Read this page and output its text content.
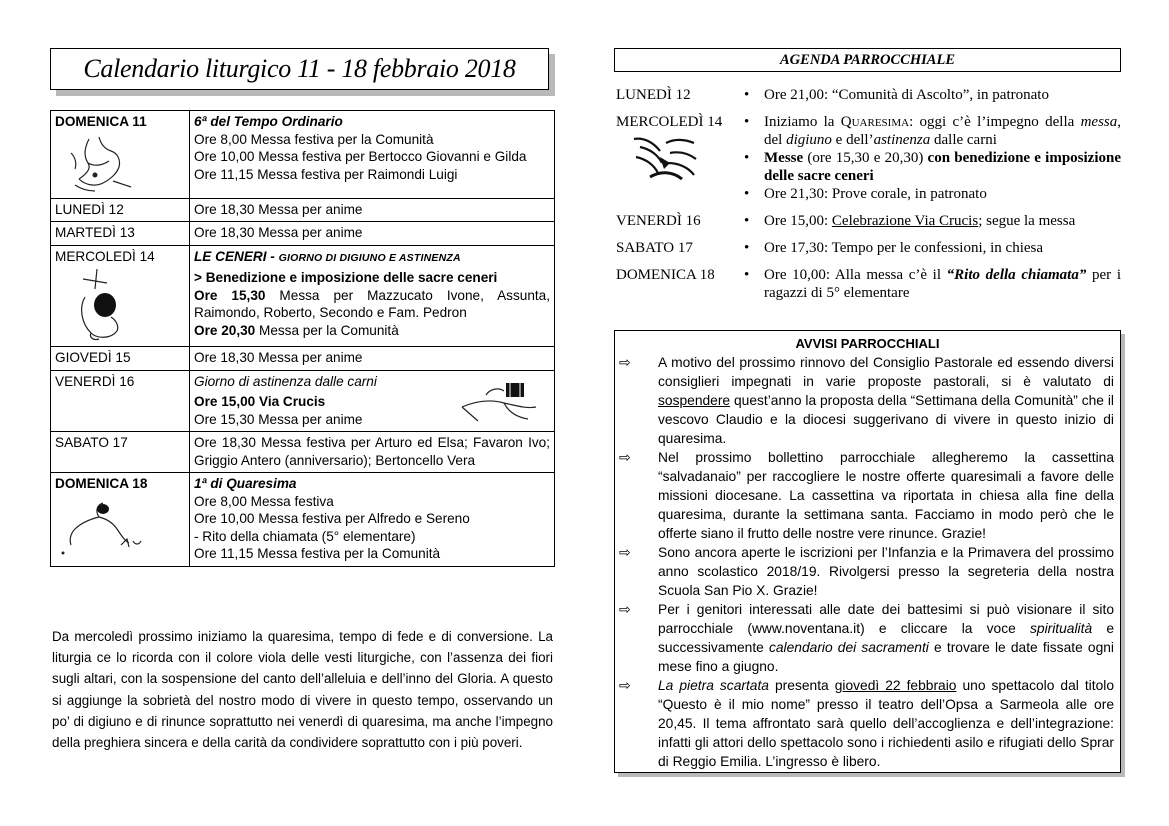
Calendario liturgico 11 - 18 febbraio 2018
DOMENICA 11	6ª del Tempo Ordinario
Ore 8,00 Messa festiva per la Comunità
Ore 10,00 Messa festiva per Bertocco Giovanni e Gilda
Ore 11,15 Messa festiva per Raimondi Luigi

LUNEDÌ 12	Ore 18,30 Messa per anime
MARTEDÌ 13	Ore 18,30 Messa per anime

MERCOLEDÌ 14	LE CENERI - GIORNO DI DIGIUNO E ASTINENZA
> Benedizione e imposizione delle sacre ceneri
Ore 15,30 Messa per Mazzucato Ivone, Assunta, Raimondo, Roberto, Secondo e Fam. Pedron
Ore 20,30 Messa per la Comunità

GIOVEDÌ 15	Ore 18,30 Messa per anime
VENERDÌ 16	Giorno di astinenza dalle carni
Ore 15,00 Via Crucis
Ore 15,30 Messa per anime

SABATO 17	Ore 18,30 Messa festiva per Arturo ed Elsa; Favaron Ivo; Griggio Antero (anniversario); Bertoncello Vera

DOMENICA 18	1ª di Quaresima
Ore 8,00 Messa festiva
Ore 10,00 Messa festiva per Alfredo e Sereno
- Rito della chiamata (5° elementare)
Ore 11,15 Messa festiva per la Comunità
Da mercoledì prossimo iniziamo la quaresima, tempo di fede e di conversione. La liturgia ce lo ricorda con il colore viola delle vesti liturgiche, con l’assenza dei fiori sugli altari, con la sospensione del canto dell’alleluia e dell’inno del Gloria. A questo si aggiunge la sobrietà del nostro modo di vivere in questo tempo, osservando un po’ di digiuno e di rinunce soprattutto nei venerdì di quaresima, ma anche l’impegno della preghiera sincera e della carità da condividere soprattutto con i più poveri.
AGENDA PARROCCHIALE
LUNEDÌ 12	• Ore 21,00: “Comunità di Ascolto”, in patronato
MERCOLEDÌ 14	• Iniziamo la Quaresima: oggi c’è l’impegno della messa, del digiuno e dell’astinenza dalle carni
• Messe (ore 15,30 e 20,30) con benedizione e imposizione delle sacre ceneri
• Ore 21,30: Prove corale, in patronato
VENERDÌ 16	• Ore 15,00: Celebrazione Via Crucis; segue la messa
SABATO 17	• Ore 17,30: Tempo per le confessioni, in chiesa
DOMENICA 18	• Ore 10,00: Alla messa c’è il “Rito della chiamata” per i ragazzi di 5° elementare
AVVISI PARROCCHIALI
⇨ A motivo del prossimo rinnovo del Consiglio Pastorale ed essendo diversi consiglieri impegnati in varie proposte pastorali, si è valutato di sospendere quest’anno la proposta della “Settimana della Comunità” che il vescovo Claudio e la diocesi suggerivano di vivere in questo inizio di quaresima.
⇨ Nel prossimo bollettino parrocchiale allegheremo la cassettina “salvadanaio” per raccogliere le nostre offerte quaresimali a favore delle missioni diocesane. La cassettina va riportata in chiesa alla fine della quaresima, durante la settimana santa. Facciamo in modo però che le offerte siano il frutto delle nostre vere rinunce. Grazie!
⇨ Sono ancora aperte le iscrizioni per l’Infanzia e la Primavera del prossimo anno scolastico 2018/19. Rivolgersi presso la segreteria della nostra Scuola San Pio X. Grazie!
⇨ Per i genitori interessati alle date dei battesimi si può visionare il sito parrocchiale (www.noventana.it) e cliccare la voce spiritualità e successivamente calendario dei sacramenti e trovare le date fissate ogni mese fino a giugno.
⇨ La pietra scartata presenta giovedì 22 febbraio uno spettacolo dal titolo “Questo è il mio nome” presso il teatro dell’Opsa a Sarmeola alle ore 20,45. Il tema affrontato sarà quello dell’accoglienza e dell’integrazione: infatti gli attori dello spettacolo sono i richiedenti asilo e rifugiati dello Sprar di Reggio Emilia. L’ingresso è libero.
